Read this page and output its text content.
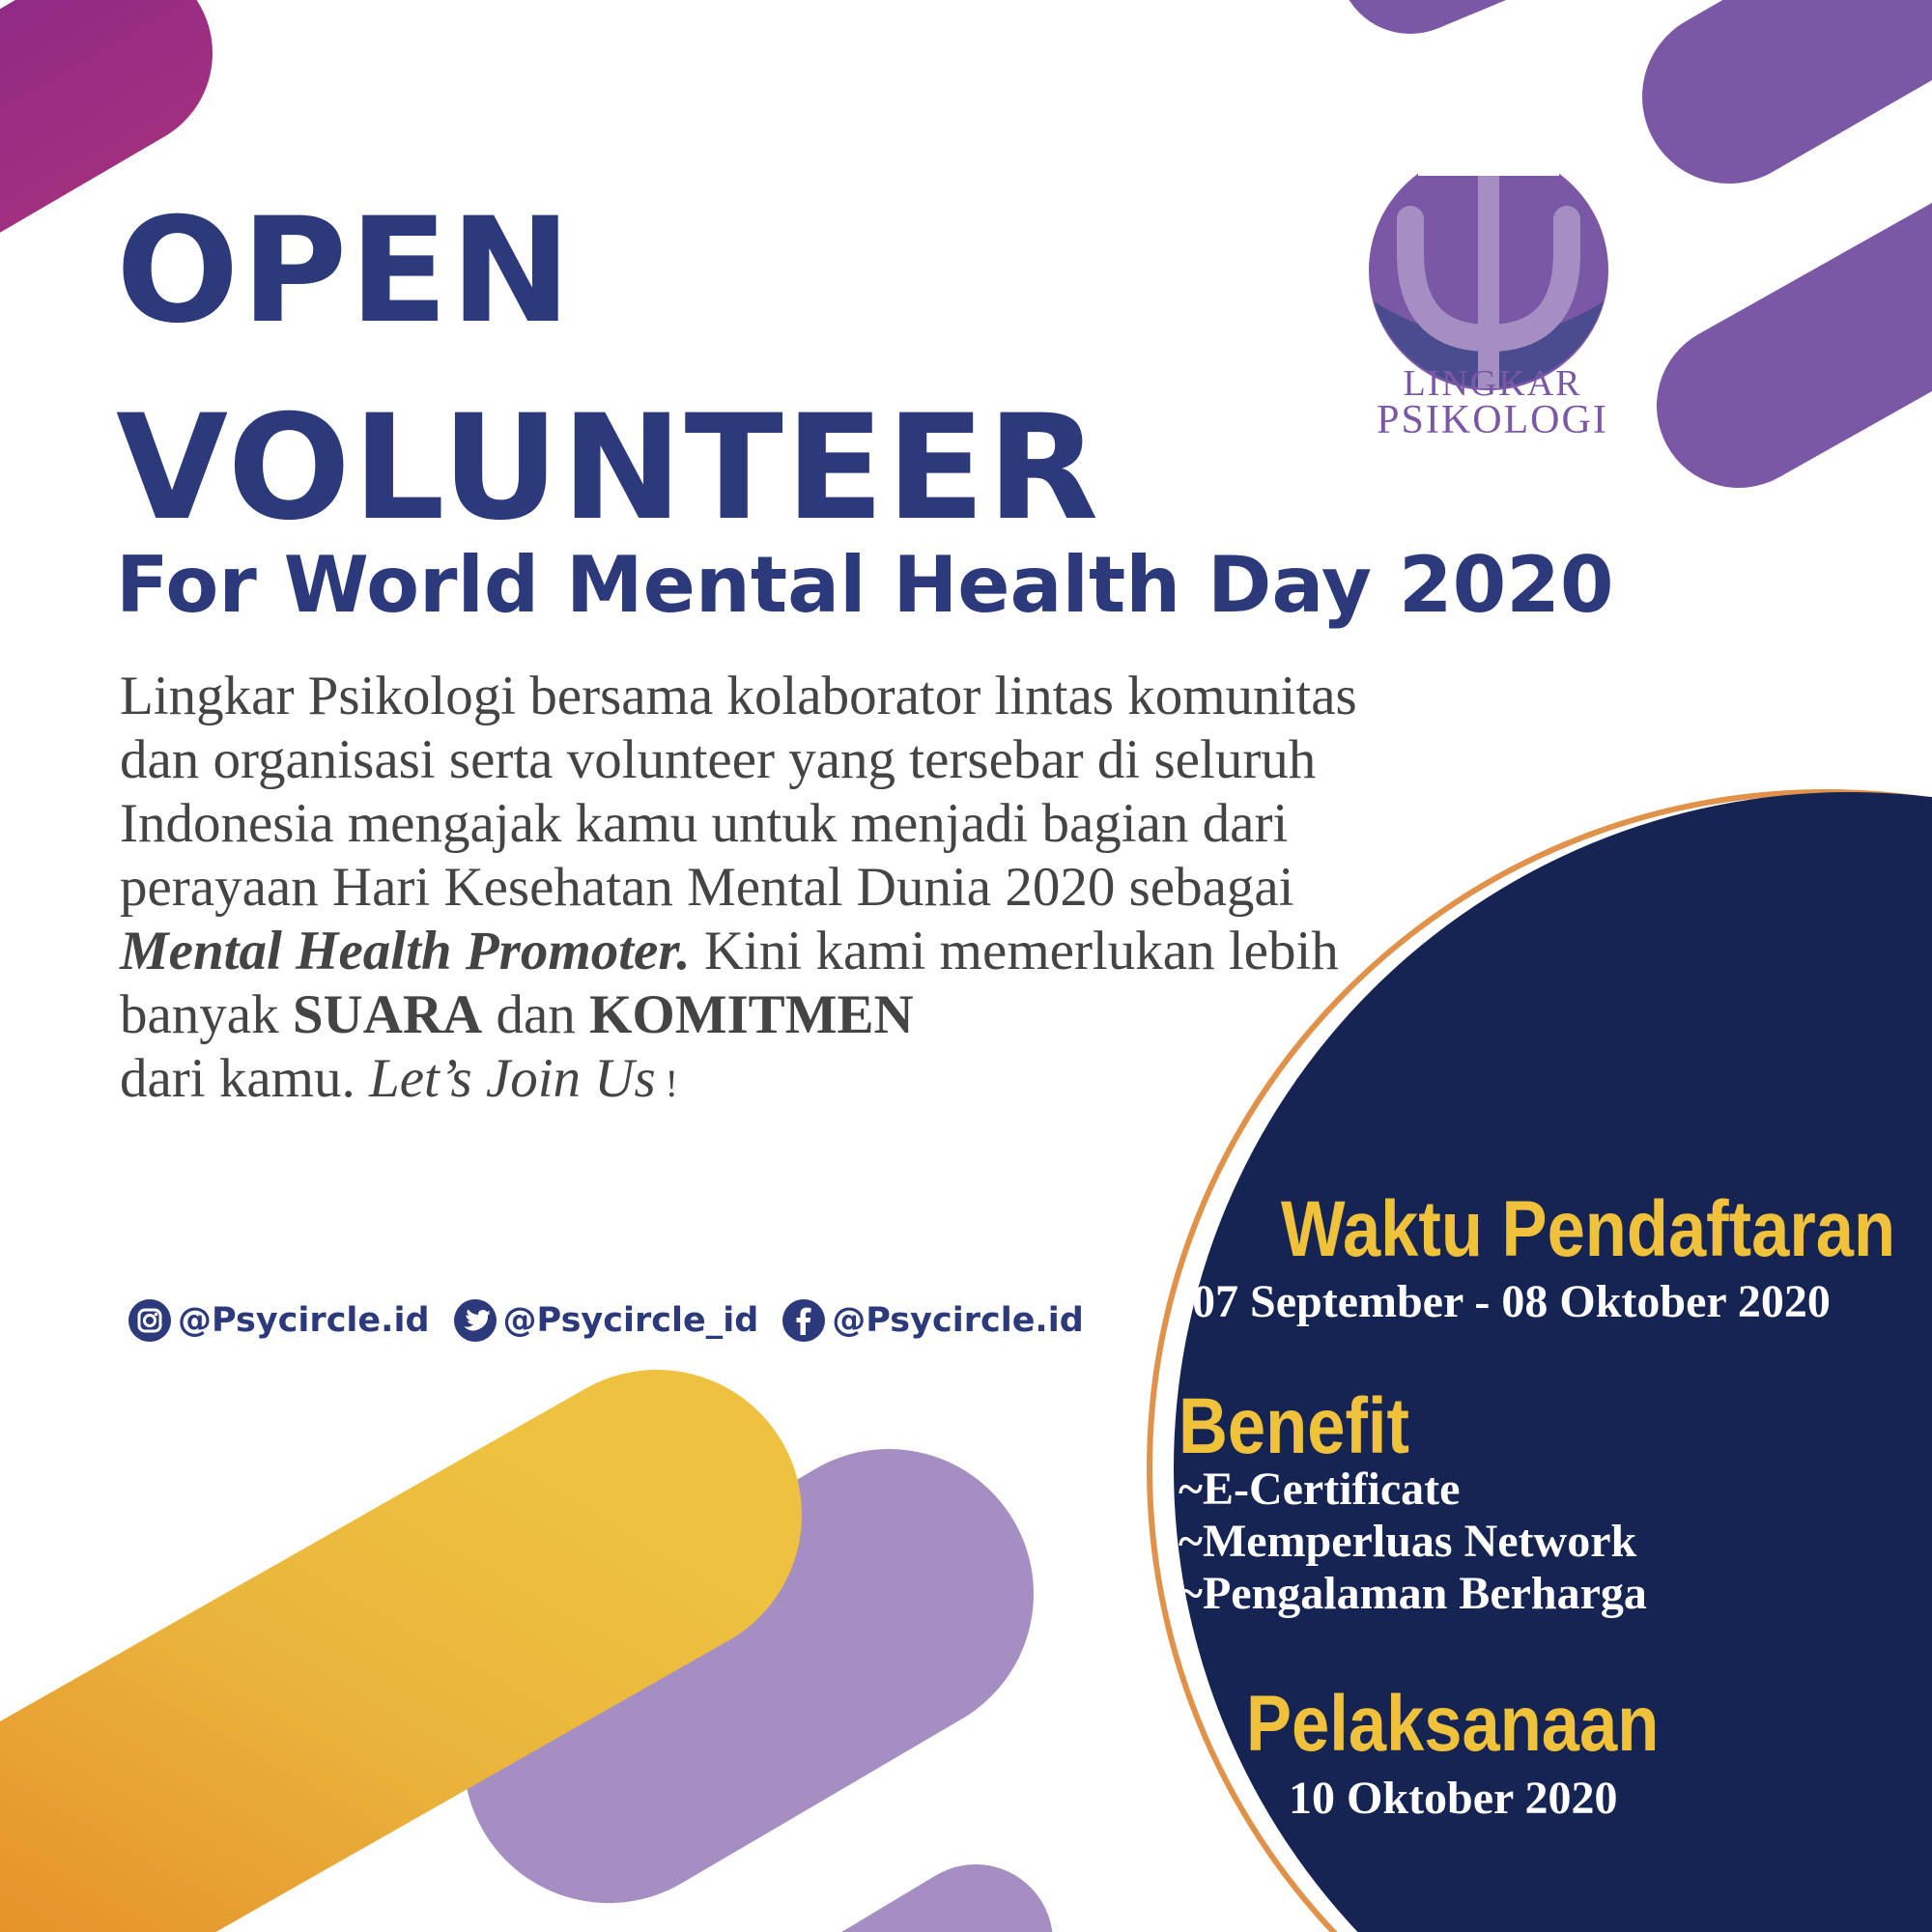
LINGKAR
PSIKOLOGI
OPEN
VOLUNTEER
For World Mental Health Day 2020

Lingkar Psikologi bersama kolaborator lintas komunitas
dan organisasi serta volunteer yang tersebar di seluruh
Indonesia mengajak kamu untuk menjadi bagian dari
perayaan Hari Kesehatan Mental Dunia 2020 sebagai
Mental Health Promoter. Kini kami memerlukan lebih
banyak SUARA dan KOMITMEN
dari kamu. Let’s Join Us !

@Psycircle.id @Psycircle_id @Psycircle.id
Waktu Pendaftaran
07 September - 08 Oktober 2020
Benefit
~E-Certificate
~Memperluas Network
~Pengalaman Berharga
Pelaksanaan
10 Oktober 2020
